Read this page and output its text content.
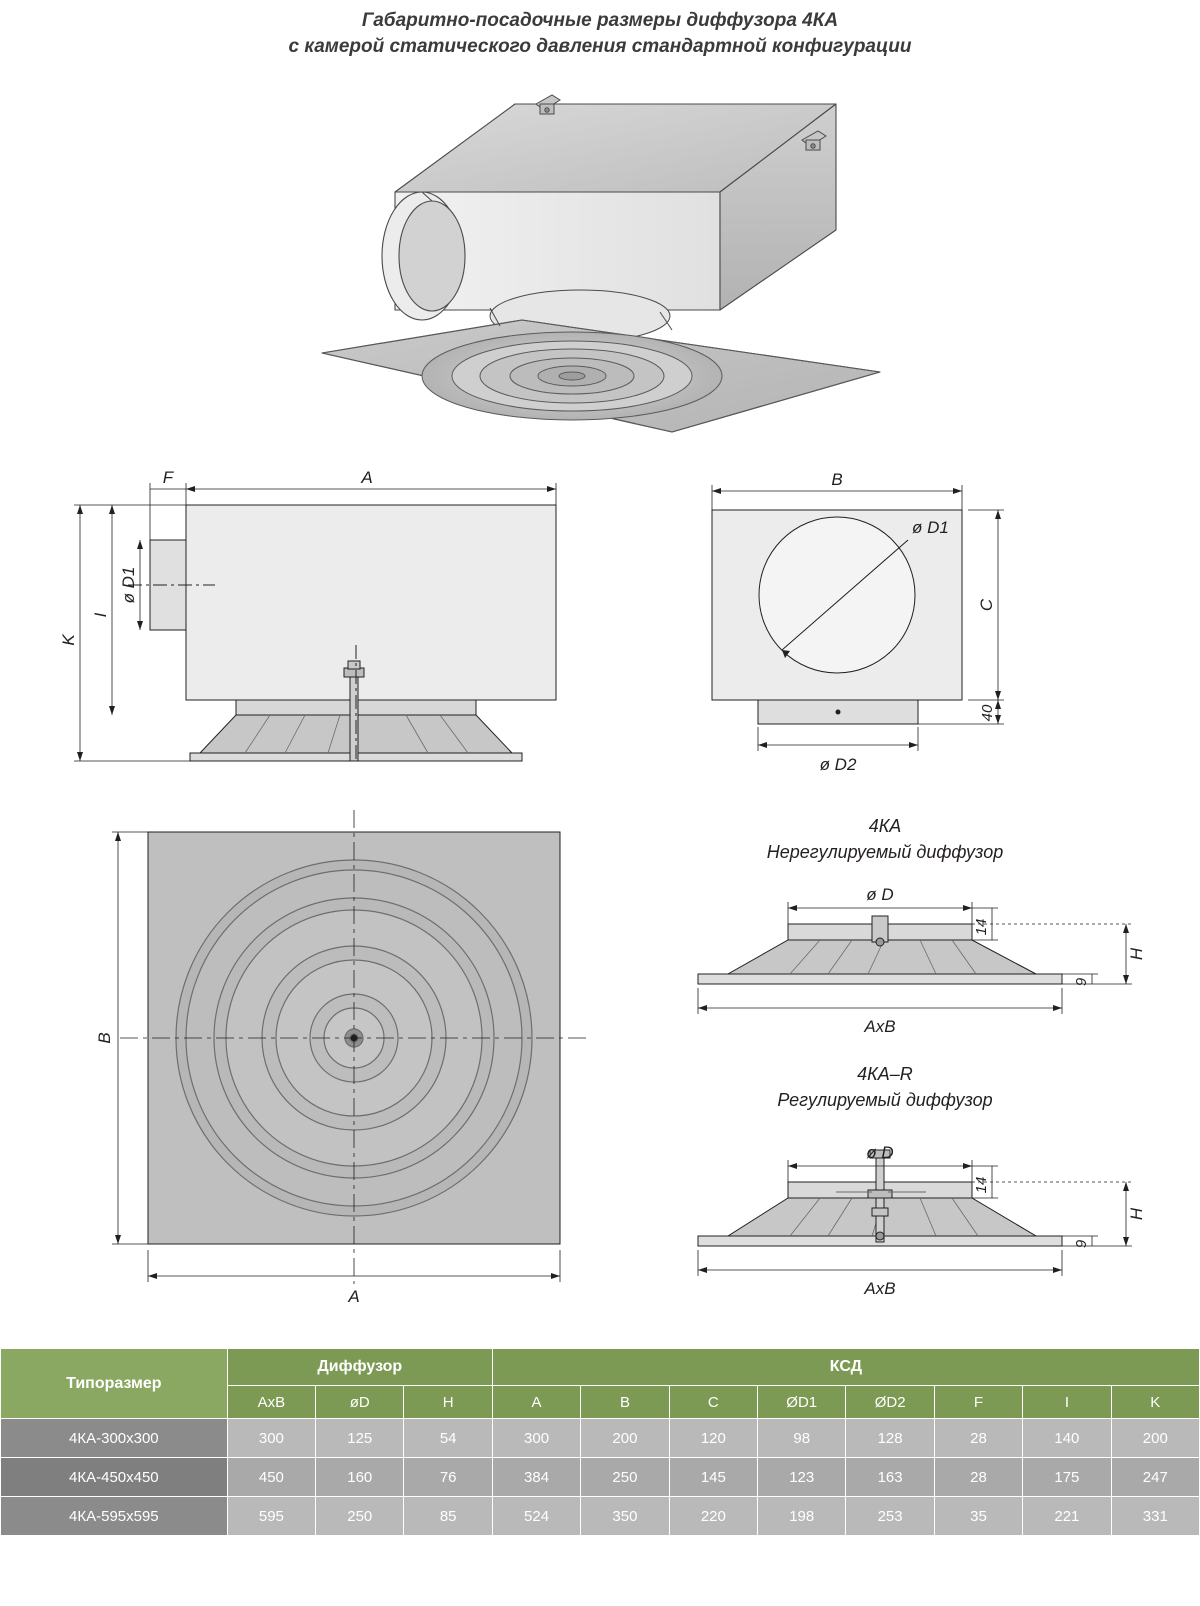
Габаритно-посадочные размеры диффузора 4КА
с камерой статического давления стандартной конфигурации
A
F
K
I
ø D1
B
C
40
ø D2
ø D1
B
A
4КА
Нерегулируемый диффузор
ø D
14
9
H
AxB
4КА–R
Регулируемый диффузор
ø D
14
9
H
AxB
Типоразмер	Диффузор			КСД							
	AxB	øD	H	A	B	C	ØD1	ØD2	F	I	K
4КА-300х300	300	125	54	300	200	120	98	128	28	140	200
4КА-450х450	450	160	76	384	250	145	123	163	28	175	247
4КА-595х595	595	250	85	524	350	220	198	253	35	221	331
